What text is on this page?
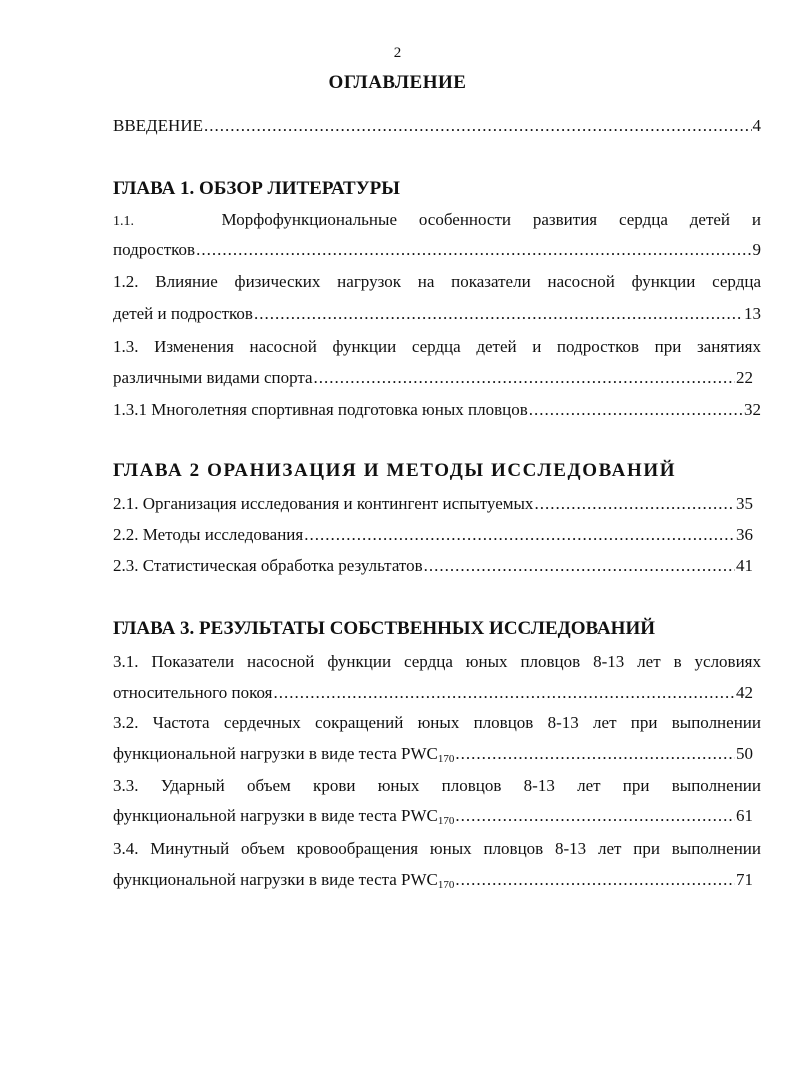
2
ОГЛАВЛЕНИЕ
ВВЕДЕНИЕ .....	4
ГЛАВА 1. ОБЗОР ЛИТЕРАТУРЫ
1.1.	Морфофункциональные особенности развития сердца детей и
подростков .....	9
1.2. Влияние физических нагрузок на показатели насосной функции сердца
детей и подростков .....	13
1.3. Изменения насосной функции сердца детей и подростков при занятиях
различными видами спорта .....	22
1.3.1 Многолетняя спортивная подготовка юных пловцов .....	32
ГЛАВА 2 ОРАНИЗАЦИЯ И МЕТОДЫ ИССЛЕДОВАНИЙ
2.1. Организация исследования и контингент испытуемых .....	35
2.2. Методы исследования .....	36
2.3. Статистическая обработка результатов .....	41
ГЛАВА 3. РЕЗУЛЬТАТЫ СОБСТВЕННЫХ ИССЛЕДОВАНИЙ
3.1. Показатели насосной функции сердца юных пловцов 8-13 лет в условиях
относительного покоя .....	42
3.2. Частота сердечных сокращений юных пловцов 8-13 лет при выполнении
функциональной нагрузки в виде теста $PWC_{170}$ .....	50
3.3. Ударный объем крови юных пловцов 8-13 лет при выполнении
функциональной нагрузки в виде теста $PWC_{170}$ .....	61
3.4. Минутный объем кровообращения юных пловцов 8-13 лет при выполнении
функциональной нагрузки в виде теста $PWC_{170}$ .....	71
